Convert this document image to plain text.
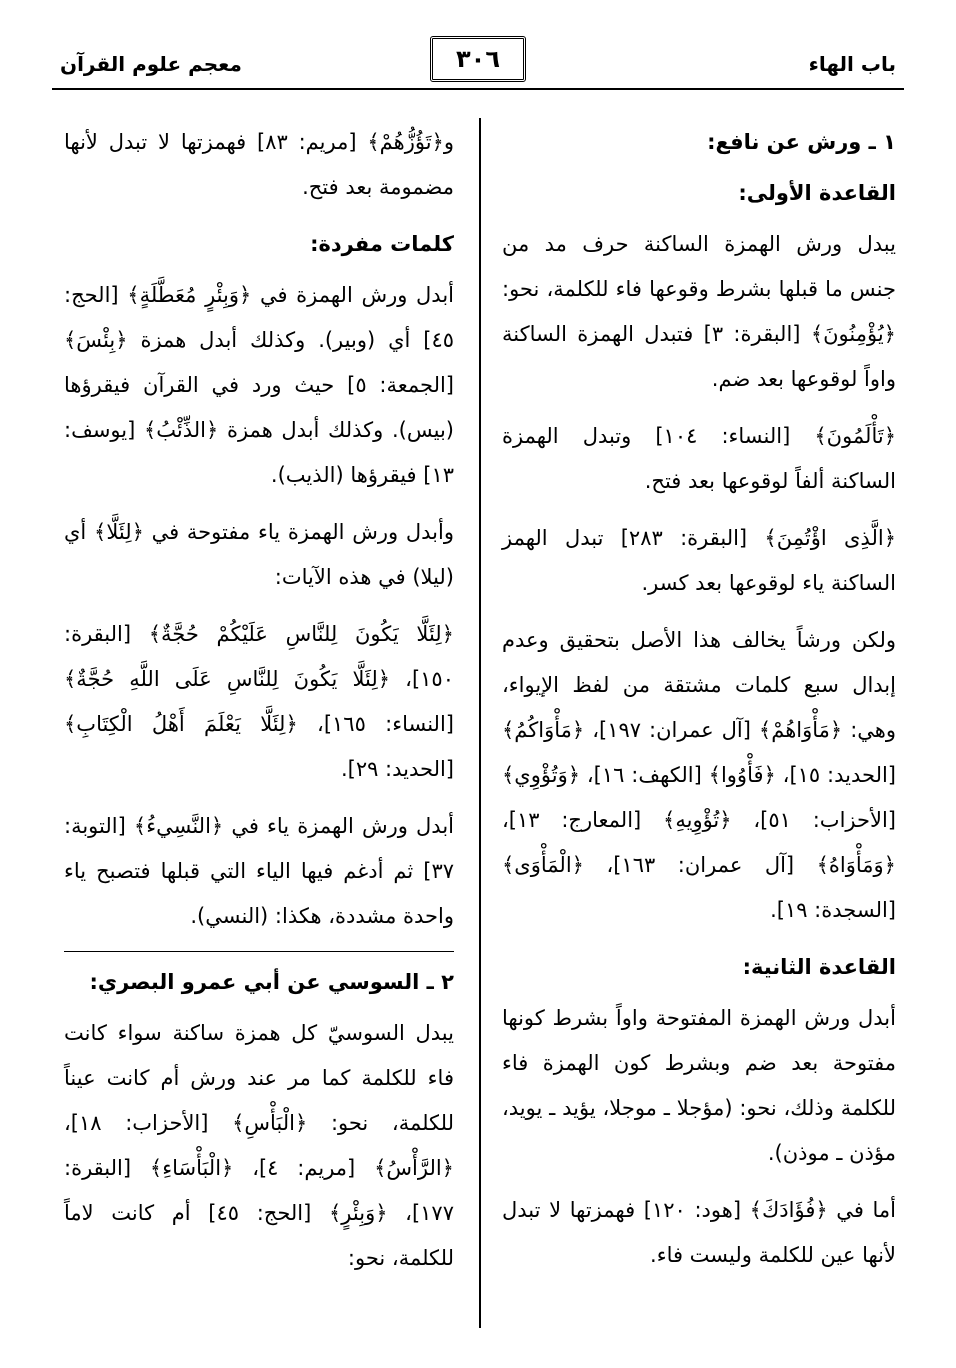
باب الهاء
٣٠٦
معجم علوم القرآن
١ ـ ورش عن نافع:
القاعدة الأولى:
يبدل ورش الهمزة الساكنة حرف مد من جنس ما قبلها بشرط وقوعها فاء للكلمة، نحو: ﴿يُؤْمِنُونَ﴾ [البقرة: ٣] فتبدل الهمزة الساكنة واواً لوقوعها بعد ضم.
﴿تَأْلَمُونَ﴾ [النساء: ١٠٤] وتبدل الهمزة الساكنة ألفاً لوقوعها بعد فتح.
﴿الَّذِى اؤْتُمِنَ﴾ [البقرة: ٢٨٣] تبدل الهمز الساكنة ياء لوقوعها بعد كسر.
ولكن ورشاً يخالف هذا الأصل بتحقيق وعدم إبدال سبع كلمات مشتقة من لفظ الإيواء، وهي: ﴿مَأْوَاهُمْ﴾ [آل عمران: ١٩٧]، ﴿مَأْوَاكُمُ﴾ [الحديد: ١٥]، ﴿فَأْوُوا﴾ [الكهف: ١٦]، ﴿وَتُؤْوِي﴾ [الأحزاب: ٥١]، ﴿تُؤْوِيهِ﴾ [المعارج: ١٣]، ﴿وَمَأْوَاهُ﴾ [آل عمران: ١٦٣]، ﴿الْمَأْوَى﴾ [السجدة: ١٩].
القاعدة الثانية:
أبدل ورش الهمزة المفتوحة واواً بشرط كونها مفتوحة بعد ضم وبشرط كون الهمزة فاء للكلمة وذلك، نحو: (مؤجلا ـ موجلا، يؤيد ـ يويد، مؤذن ـ موذن).
أما في ﴿فُؤَادَكَ﴾ [هود: ١٢٠] فهمزتها لا تبدل لأنها عين للكلمة وليست فاء.
و﴿تَؤُزُّهُمْ﴾ [مريم: ٨٣] فهمزتها لا تبدل لأنها مضمومة بعد فتح.
كلمات مفردة:
أبدل ورش الهمزة في ﴿وَبِئْرٍ مُعَطَّلَةٍ﴾ [الحج: ٤٥] أي (وبير). وكذلك أبدل همزة ﴿بِئْسَ﴾ [الجمعة: ٥] حيث ورد في القرآن فيقرؤها (بيس). وكذلك أبدل همزة ﴿الذِّئْبُ﴾ [يوسف: ١٣] فيقرؤها (الذيب).
وأبدل ورش الهمزة ياء مفتوحة في ﴿لِئَلَّا﴾ أي (ليلا) في هذه الآيات:
﴿لِئَلَّا يَكُونَ لِلنَّاسِ عَلَيْكُمْ حُجَّةٌ﴾ [البقرة: ١٥٠]، ﴿لِئَلَّا يَكُونَ لِلنَّاسِ عَلَى اللَّهِ حُجَّةٌ﴾ [النساء: ١٦٥]، ﴿لِئَلَّا يَعْلَمَ أَهْلُ الْكِتَابِ﴾ [الحديد: ٢٩].
أبدل ورش الهمزة ياء في ﴿النَّسِيءُ﴾ [التوبة: ٣٧] ثم أدغم فيها الياء التي قبلها فتصبح ياء واحدة مشددة، هكذا: (النسي).
٢ ـ السوسي عن أبي عمرو البصري:
يبدل السوسيّ كل همزة ساكنة سواء كانت فاء للكلمة كما مر عند ورش أم كانت عيناً للكلمة، نحو: ﴿الْبَأْسِ﴾ [الأحزاب: ١٨]، ﴿الرَّأْسُ﴾ [مريم: ٤]، ﴿الْبَأْسَاءِ﴾ [البقرة: ١٧٧]، ﴿وَبِئْرٍ﴾ [الحج: ٤٥] أم كانت لاماً للكلمة، نحو:
